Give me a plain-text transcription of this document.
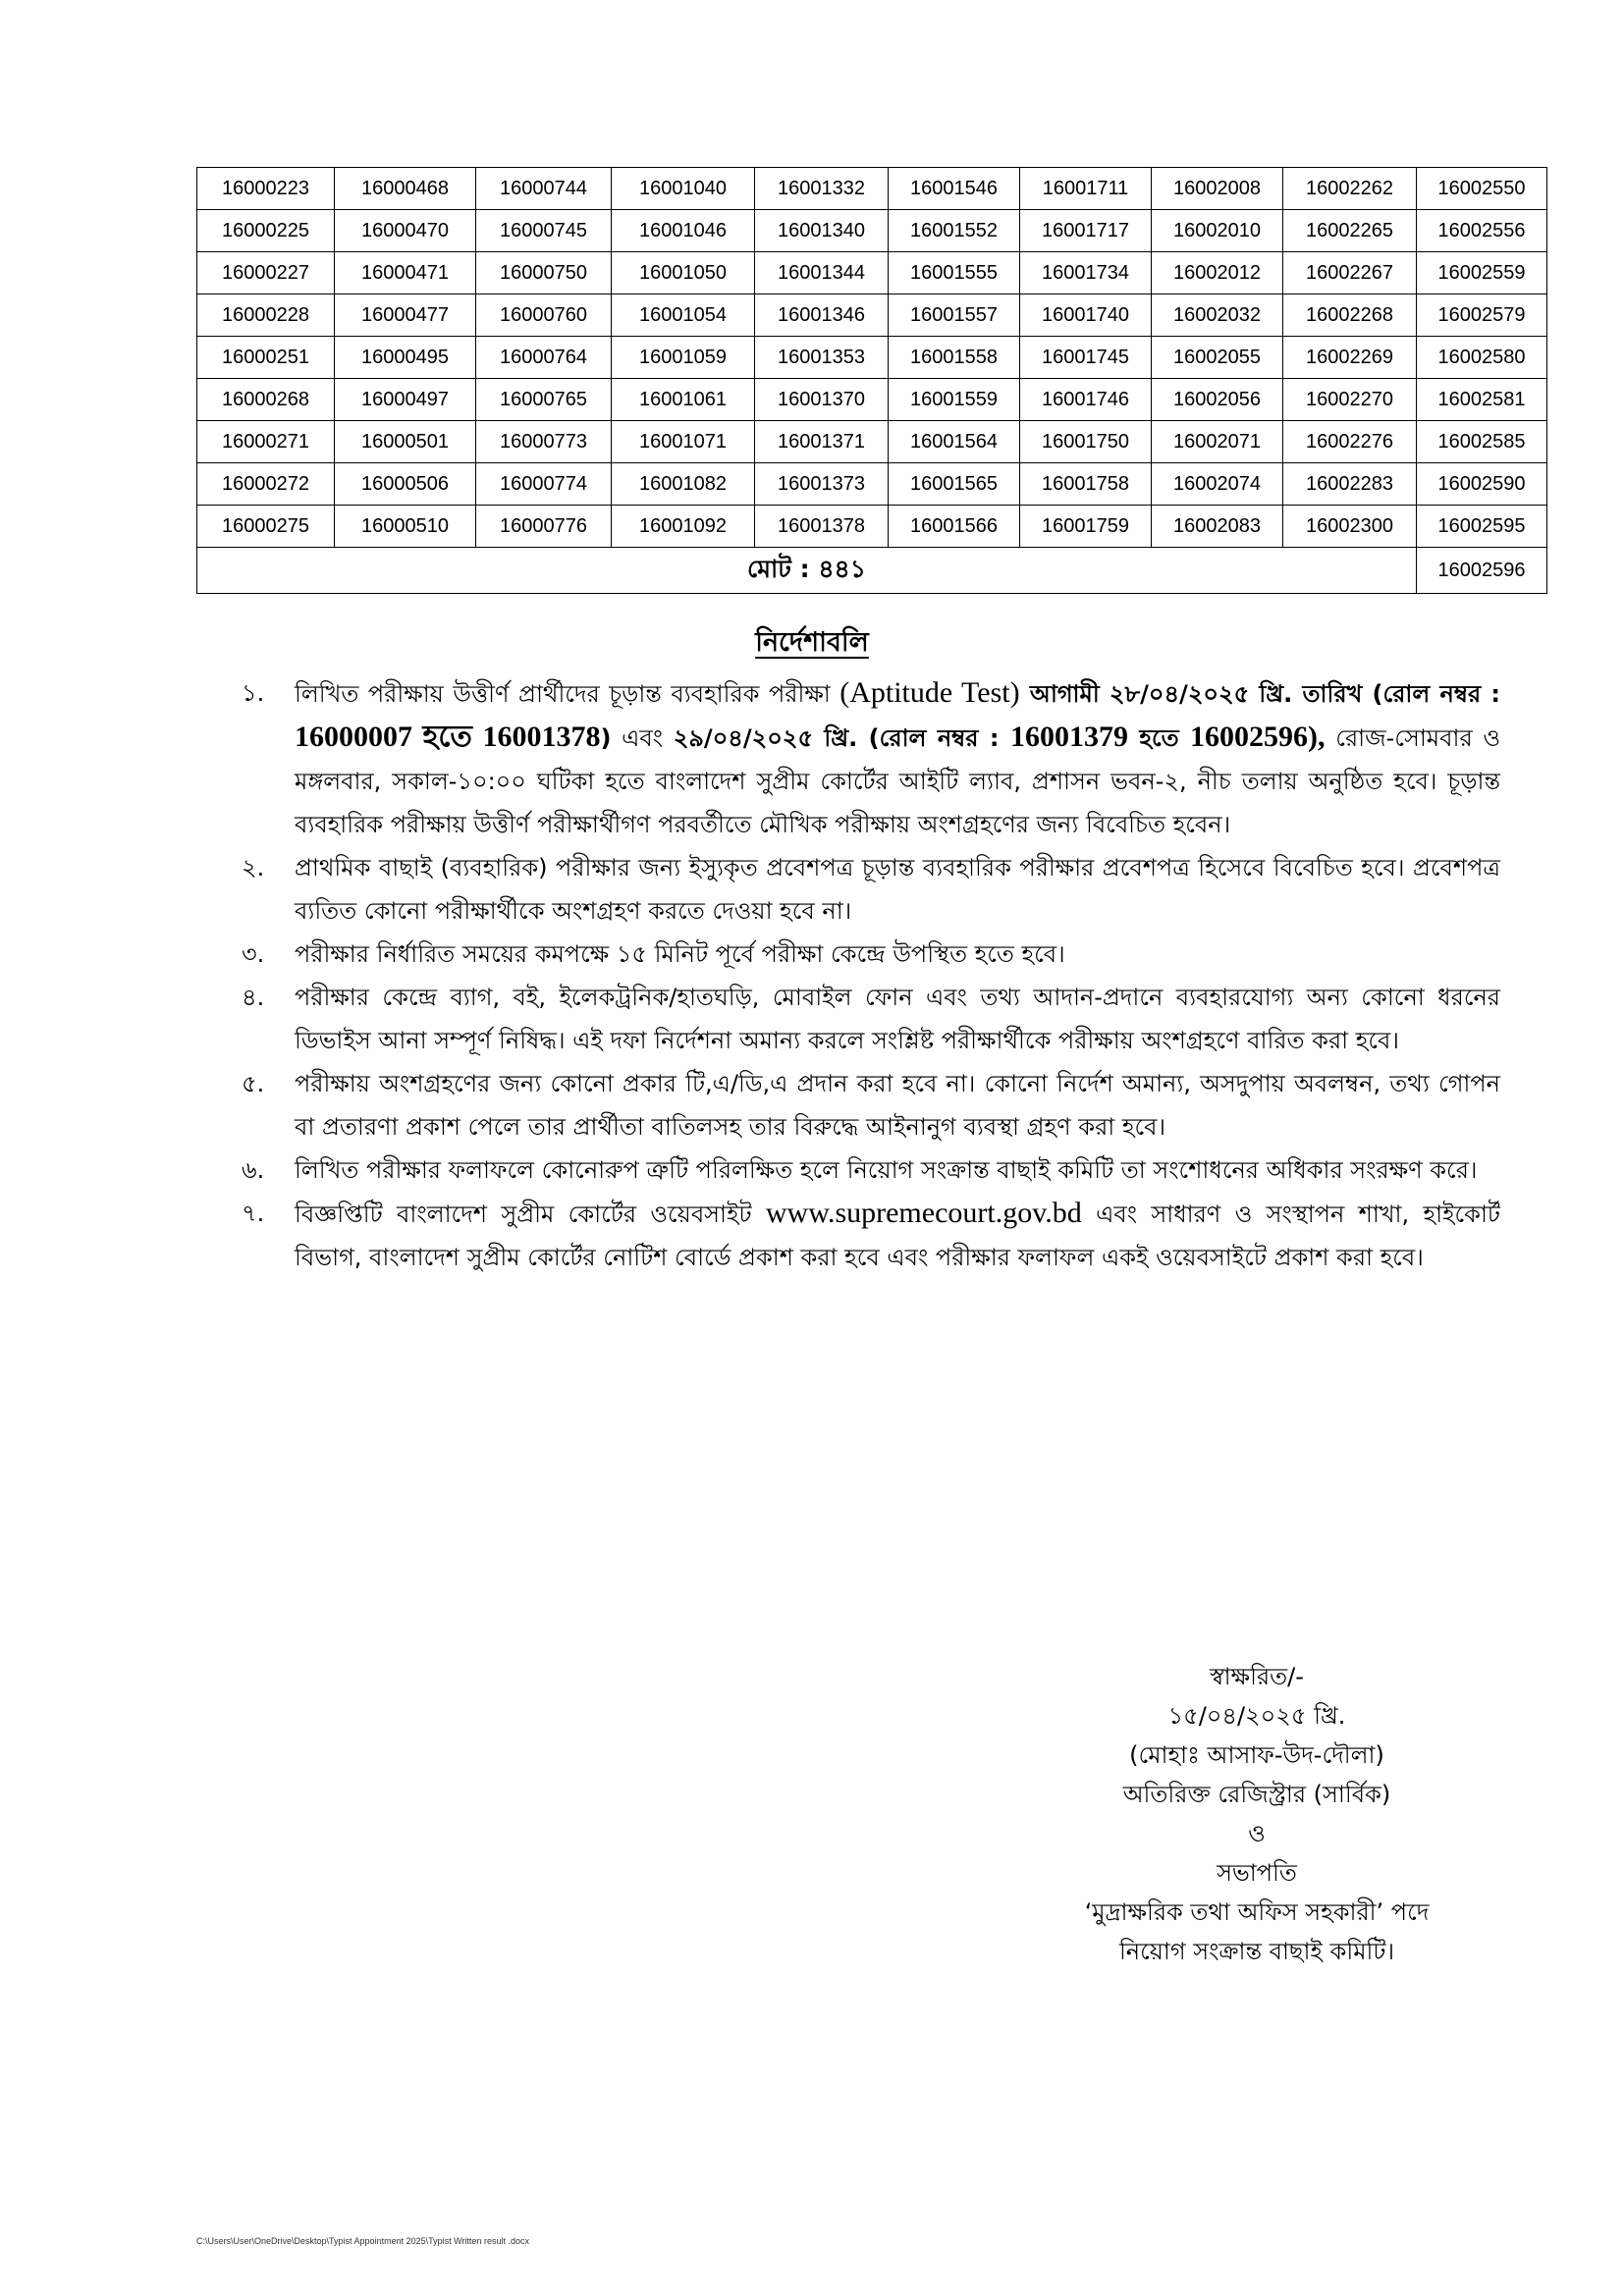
16000223	16000468	16000744	16001040	16001332	16001546	16001711	16002008	16002262	16002550
16000225	16000470	16000745	16001046	16001340	16001552	16001717	16002010	16002265	16002556
16000227	16000471	16000750	16001050	16001344	16001555	16001734	16002012	16002267	16002559
16000228	16000477	16000760	16001054	16001346	16001557	16001740	16002032	16002268	16002579
16000251	16000495	16000764	16001059	16001353	16001558	16001745	16002055	16002269	16002580
16000268	16000497	16000765	16001061	16001370	16001559	16001746	16002056	16002270	16002581
16000271	16000501	16000773	16001071	16001371	16001564	16001750	16002071	16002276	16002585
16000272	16000506	16000774	16001082	16001373	16001565	16001758	16002074	16002283	16002590
16000275	16000510	16000776	16001092	16001378	16001566	16001759	16002083	16002300	16002595
মোট : ৪৪১									16002596
নির্দেশাবলি
১. লিখিত পরীক্ষায় উত্তীর্ণ প্রার্থীদের চূড়ান্ত ব্যবহারিক পরীক্ষা (Aptitude Test) আগামী ২৮/০৪/২০২৫ খ্রি. তারিখ (রোল নম্বর : 16000007 হতে 16001378) এবং ২৯/০৪/২০২৫ খ্রি. (রোল নম্বর : 16001379 হতে 16002596), রোজ-সোমবার ও মঙ্গলবার, সকাল-১০:০০ ঘটিকা হতে বাংলাদেশ সুপ্রীম কোর্টের আইটি ল্যাব, প্রশাসন ভবন-২, নীচ তলায় অনুষ্ঠিত হবে। চূড়ান্ত ব্যবহারিক পরীক্ষায় উত্তীর্ণ পরীক্ষার্থীগণ পরবর্তীতে মৌখিক পরীক্ষায় অংশগ্রহণের জন্য বিবেচিত হবেন।
২. প্রাথমিক বাছাই (ব্যবহারিক) পরীক্ষার জন্য ইস্যুকৃত প্রবেশপত্র চূড়ান্ত ব্যবহারিক পরীক্ষার প্রবেশপত্র হিসেবে বিবেচিত হবে। প্রবেশপত্র ব্যতিত কোনো পরীক্ষার্থীকে অংশগ্রহণ করতে দেওয়া হবে না।
৩. পরীক্ষার নির্ধারিত সময়ের কমপক্ষে ১৫ মিনিট পূর্বে পরীক্ষা কেন্দ্রে উপস্থিত হতে হবে।
৪. পরীক্ষার কেন্দ্রে ব্যাগ, বই, ইলেকট্রনিক/হাতঘড়ি, মোবাইল ফোন এবং তথ্য আদান-প্রদানে ব্যবহারযোগ্য অন্য কোনো ধরনের ডিভাইস আনা সম্পূর্ণ নিষিদ্ধ। এই দফা নির্দেশনা অমান্য করলে সংশ্লিষ্ট পরীক্ষার্থীকে পরীক্ষায় অংশগ্রহণে বারিত করা হবে।
৫. পরীক্ষায় অংশগ্রহণের জন্য কোনো প্রকার টি,এ/ডি,এ প্রদান করা হবে না। কোনো নির্দেশ অমান্য, অসদুপায় অবলম্বন, তথ্য গোপন বা প্রতারণা প্রকাশ পেলে তার প্রার্থীতা বাতিলসহ তার বিরুদ্ধে আইনানুগ ব্যবস্থা গ্রহণ করা হবে।
৬. লিখিত পরীক্ষার ফলাফলে কোনোরুপ ত্রুটি পরিলক্ষিত হলে নিয়োগ সংক্রান্ত বাছাই কমিটি তা সংশোধনের অধিকার সংরক্ষণ করে।
৭. বিজ্ঞপ্তিটি বাংলাদেশ সুপ্রীম কোর্টের ওয়েবসাইট www.supremecourt.gov.bd এবং সাধারণ ও সংস্থাপন শাখা, হাইকোর্ট বিভাগ, বাংলাদেশ সুপ্রীম কোর্টের নোটিশ বোর্ডে প্রকাশ করা হবে এবং পরীক্ষার ফলাফল একই ওয়েবসাইটে প্রকাশ করা হবে।
স্বাক্ষরিত/-
১৫/০৪/২০২৫ খ্রি.
(মোহাঃ আসাফ-উদ-দৌলা)
অতিরিক্ত রেজিস্ট্রার (সার্বিক)
ও
সভাপতি
‘মুদ্রাক্ষরিক তথা অফিস সহকারী’ পদে
নিয়োগ সংক্রান্ত বাছাই কমিটি।
C:\Users\User\OneDrive\Desktop\Typist Appointment 2025\Typist Written result .docx
